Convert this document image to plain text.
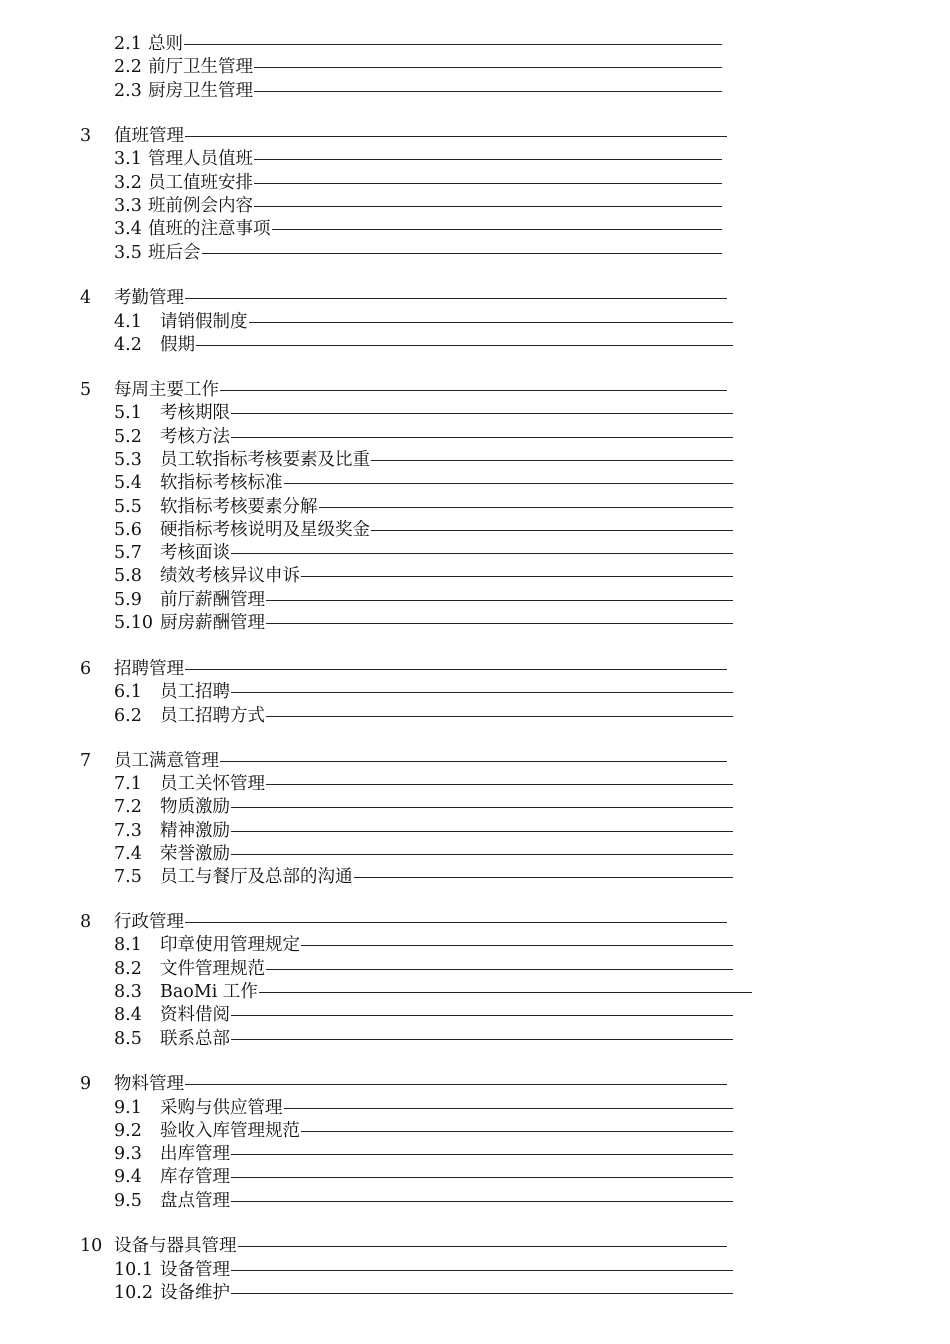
2.1 总则
2.2 前厅卫生管理
2.3 厨房卫生管理
3	值班管理
3.1 管理人员值班
3.2 员工值班安排
3.3 班前例会内容
3.4 值班的注意事项
3.5 班后会
4	考勤管理
4.1	请销假制度
4.2	假期
5	每周主要工作
5.1	考核期限
5.2	考核方法
5.3	员工软指标考核要素及比重
5.4	软指标考核标准
5.5	软指标考核要素分解
5.6	硬指标考核说明及星级奖金
5.7	考核面谈
5.8	绩效考核异议申诉
5.9	前厅薪酬管理
5.10 厨房薪酬管理
6	招聘管理
6.1	员工招聘
6.2	员工招聘方式
7	员工满意管理
7.1	员工关怀管理
7.2	物质激励
7.3	精神激励
7.4	荣誉激励
7.5	员工与餐厅及总部的沟通
8	行政管理
8.1	印章使用管理规定
8.2	文件管理规范
8.3	BaoMi 工作
8.4	资料借阅
8.5	联系总部
9	物料管理
9.1	采购与供应管理
9.2	验收入库管理规范
9.3	出库管理
9.4	库存管理
9.5	盘点管理
10 设备与器具管理
10.1 设备管理
10.2 设备维护
